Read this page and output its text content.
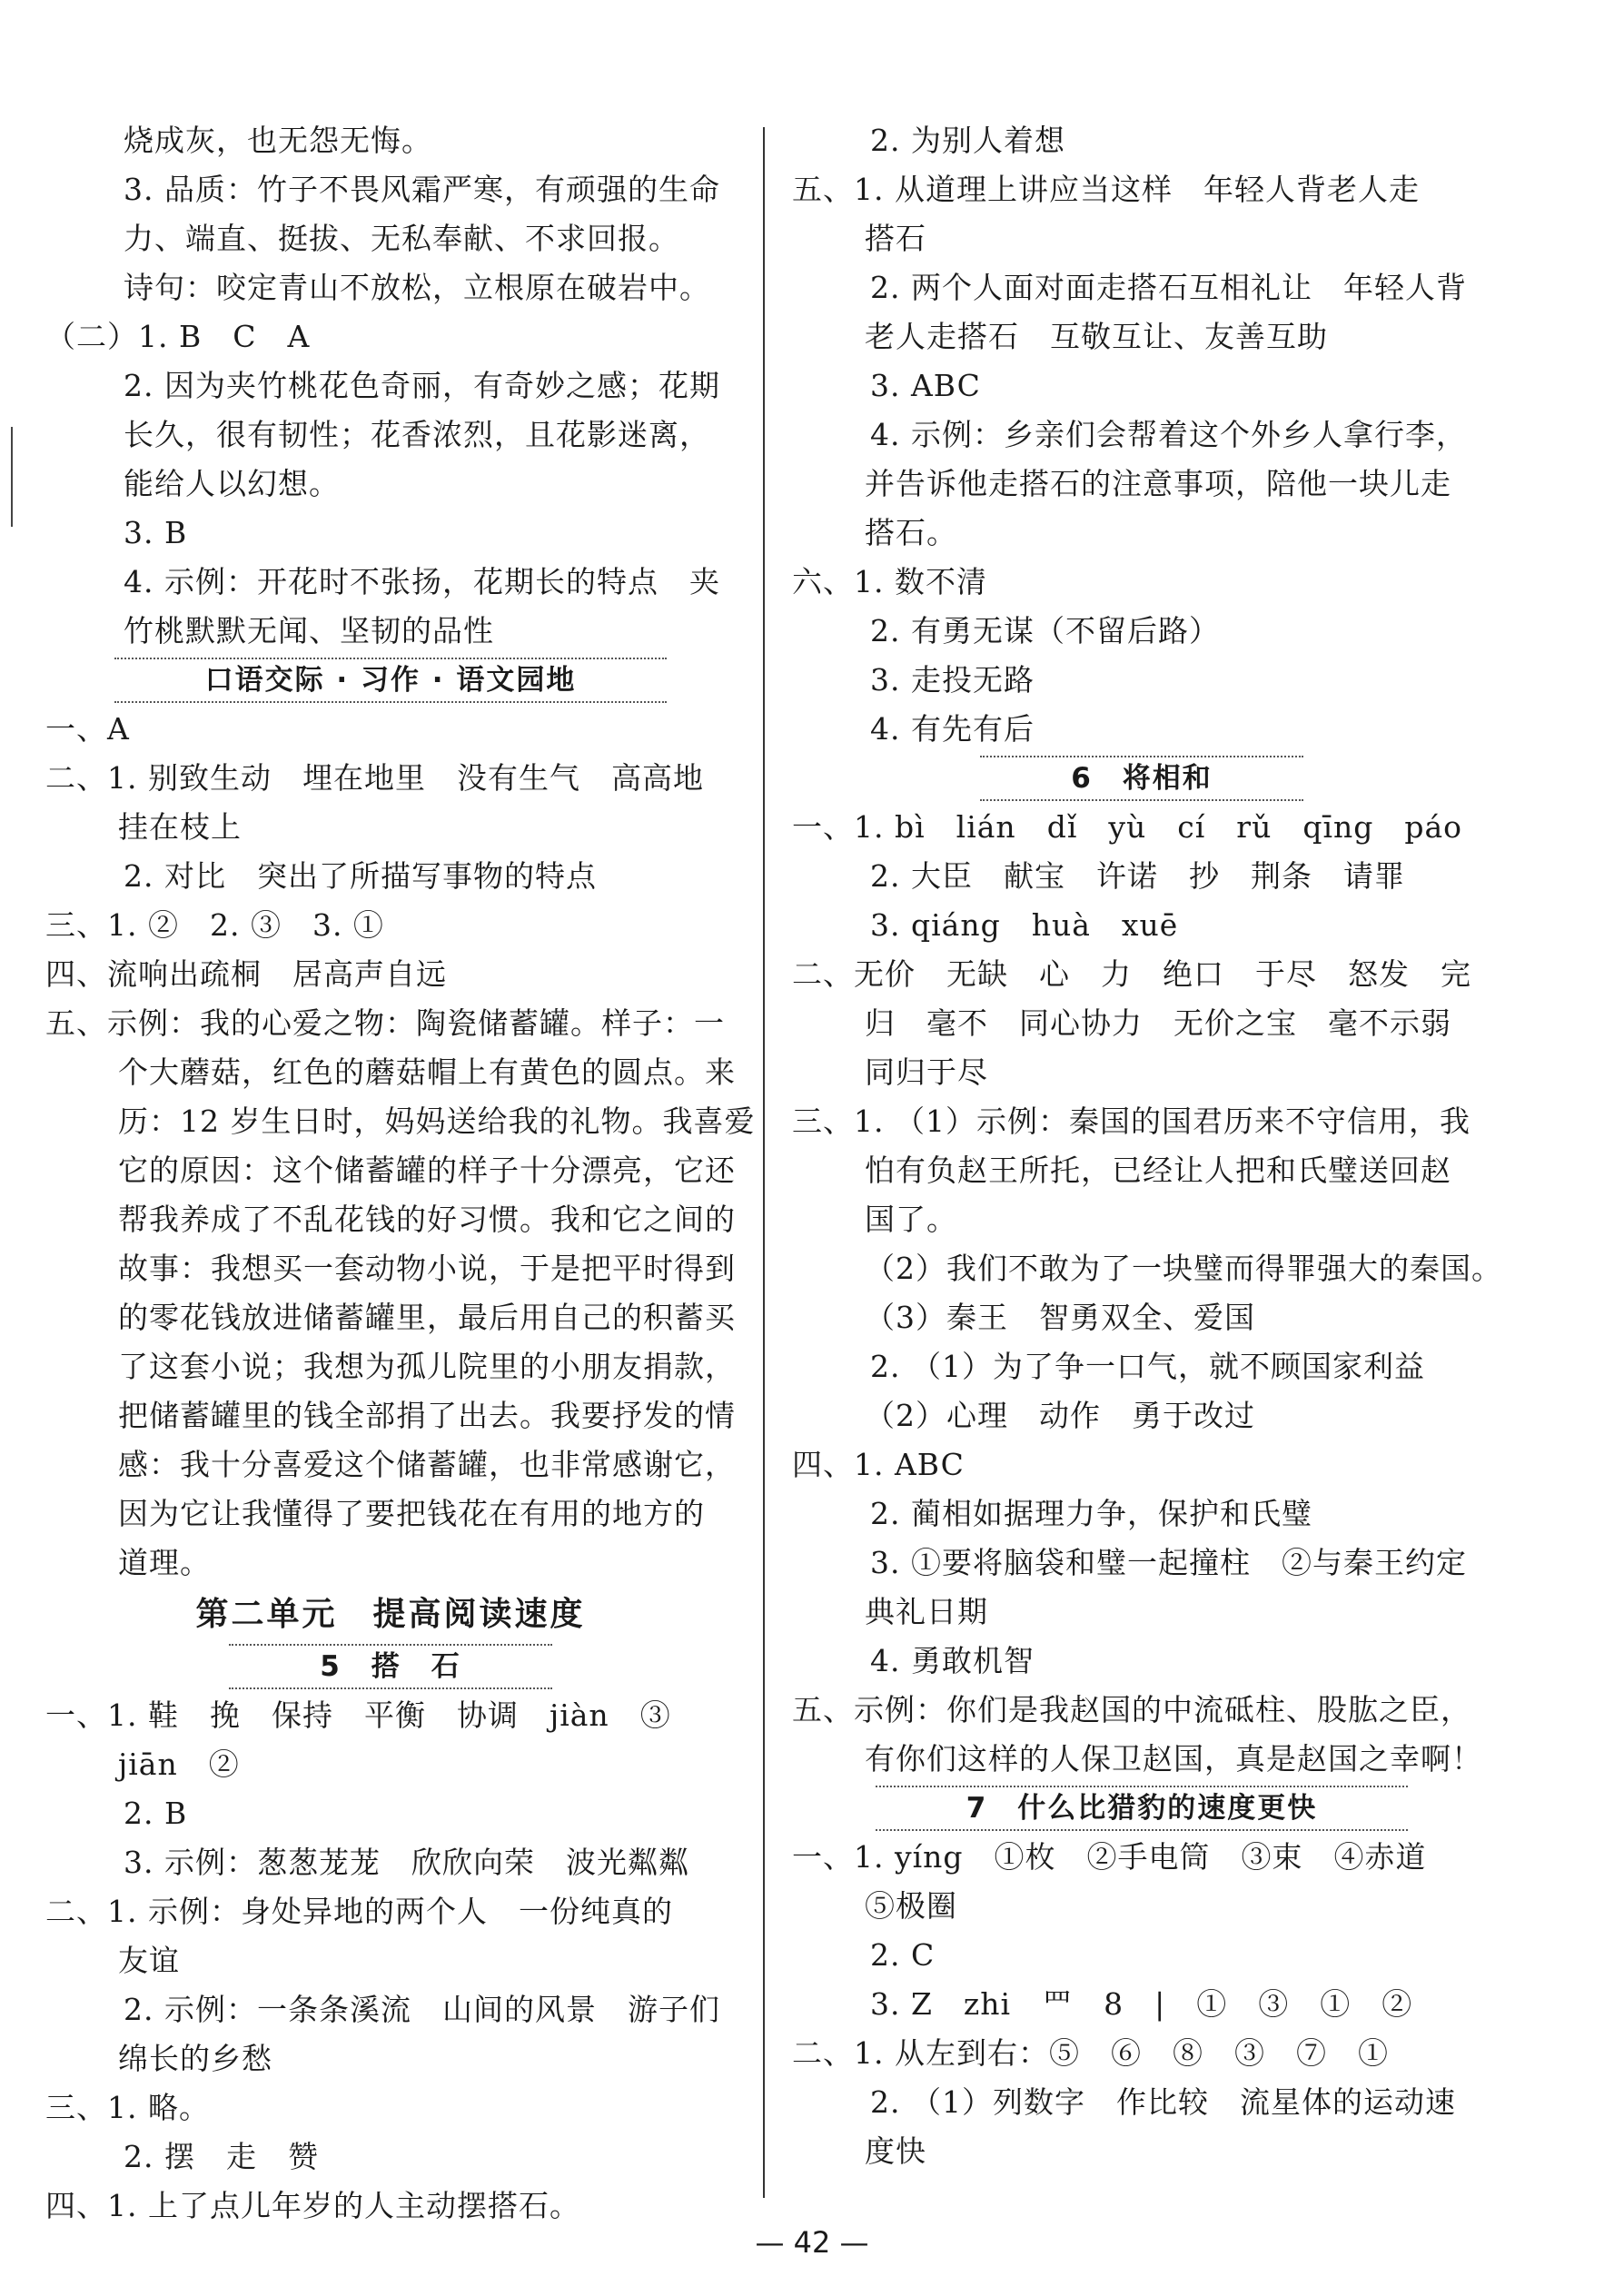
烧成灰，也无怨无悔。
3. 品质：竹子不畏风霜严寒，有顽强的生命
力、端直、挺拔、无私奉献、不求回报。
诗句：咬定青山不放松，立根原在破岩中。
（二）1. B　C　A
2. 因为夹竹桃花色奇丽，有奇妙之感；花期
长久，很有韧性；花香浓烈，且花影迷离，
能给人以幻想。
3. B
4. 示例：开花时不张扬，花期长的特点　夹
竹桃默默无闻、坚韧的品性
口语交际 · 习作 · 语文园地
一、A
二、1. 别致生动　埋在地里　没有生气　高高地
挂在枝上
2. 对比　突出了所描写事物的特点
三、1. ②　2. ③　3. ①
四、流响出疏桐　居高声自远
五、示例：我的心爱之物：陶瓷储蓄罐。样子：一
个大蘑菇，红色的蘑菇帽上有黄色的圆点。来
历：12 岁生日时，妈妈送给我的礼物。我喜爱
它的原因：这个储蓄罐的样子十分漂亮，它还
帮我养成了不乱花钱的好习惯。我和它之间的
故事：我想买一套动物小说，于是把平时得到
的零花钱放进储蓄罐里，最后用自己的积蓄买
了这套小说；我想为孤儿院里的小朋友捐款，
把储蓄罐里的钱全部捐了出去。我要抒发的情
感：我十分喜爱这个储蓄罐，也非常感谢它，
因为它让我懂得了要把钱花在有用的地方的
道理。
第二单元　提高阅读速度
5　搭　石
一、1. 鞋　挽　保持　平衡　协调　jiàn　③
jiān　②
2. B
3. 示例：葱葱茏茏　欣欣向荣　波光粼粼
二、1. 示例：身处异地的两个人　一份纯真的
友谊
2. 示例：一条条溪流　山间的风景　游子们
绵长的乡愁
三、1. 略。
2. 摆　走　赞
四、1. 上了点儿年岁的人主动摆搭石。
2. 为别人着想
五、1. 从道理上讲应当这样　年轻人背老人走
搭石
2. 两个人面对面走搭石互相礼让　年轻人背
老人走搭石　互敬互让、友善互助
3. ABC
4. 示例：乡亲们会帮着这个外乡人拿行李，
并告诉他走搭石的注意事项，陪他一块儿走
搭石。
六、1. 数不清
2. 有勇无谋（不留后路）
3. 走投无路
4. 有先有后
6　将相和
一、1. bì　lián　dǐ　yù　cí　rǔ　qīng　páo
2. 大臣　献宝　许诺　抄　荆条　请罪
3. qiáng　huà　xuē
二、无价　无缺　心　力　绝口　于尽　怒发　完
归　毫不　同心协力　无价之宝　毫不示弱
同归于尽
三、1. （1）示例：秦国的国君历来不守信用，我
怕有负赵王所托，已经让人把和氏璧送回赵
国了。
（2）我们不敢为了一块璧而得罪强大的秦国。
（3）秦王　智勇双全、爱国
2. （1）为了争一口气，就不顾国家利益
（2）心理　动作　勇于改过
四、1. ABC
2. 蔺相如据理力争，保护和氏璧
3. ①要将脑袋和璧一起撞柱　②与秦王约定
典礼日期
4. 勇敢机智
五、示例：你们是我赵国的中流砥柱、股肱之臣，
有你们这样的人保卫赵国，真是赵国之幸啊！
7　什么比猎豹的速度更快
一、1. yíng　①枚　②手电筒　③束　④赤道
⑤极圈
2. C
3. Z　zhi　罒　8　|　①　③　①　②
二、1. 从左到右：⑤　⑥　⑧　③　⑦　①
2. （1）列数字　作比较　流星体的运动速
度快
— 42 —
